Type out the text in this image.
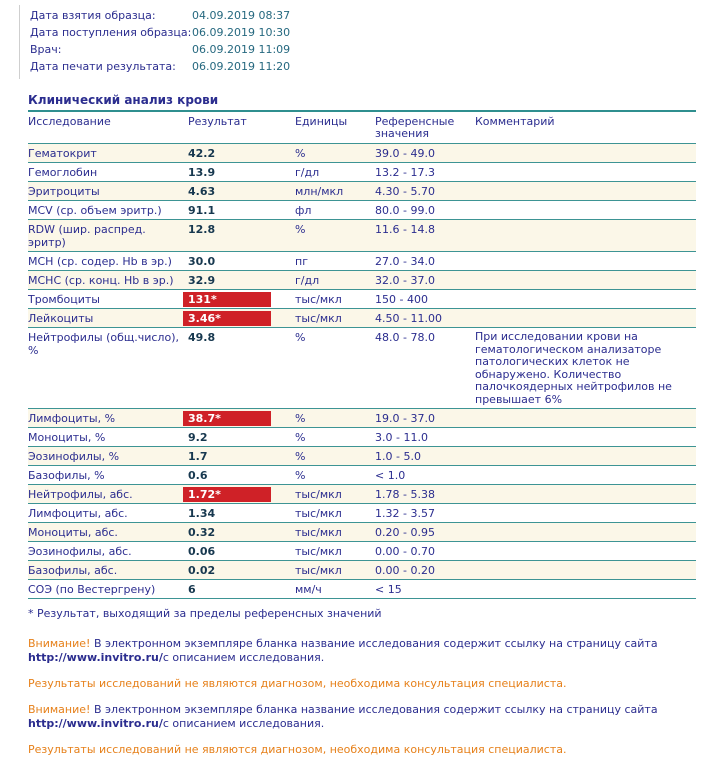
Дата взятия образца:	04.09.2019 08:37
Дата поступления образца: 06.09.2019 10:30
Врач:	06.09.2019 11:09
Дата печати результата:	06.09.2019 11:20
Клинический анализ крови
Исследование	Результат	Единицы	Референсные значения	Комментарий
Гематокрит	42.2	%	39.0 - 49.0	
Гемоглобин	13.9	г/дл	13.2 - 17.3	
Эритроциты	4.63	млн/мкл	4.30 - 5.70	
MCV (ср. объем эритр.)	91.1	фл	80.0 - 99.0	
RDW (шир. распред. эритр)	12.8	%	11.6 - 14.8	
MCH (ср. содер. Hb в эр.)	30.0	пг	27.0 - 34.0	
MCHC (ср. конц. Hb в эр.)	32.9	г/дл	32.0 - 37.0	
Тромбоциты	131*	тыс/мкл	150 - 400	
Лейкоциты	3.46*	тыс/мкл	4.50 - 11.00	
Нейтрофилы (общ.число), %	49.8	%	48.0 - 78.0	При исследовании крови на гематологическом анализаторе патологических клеток не обнаружено. Количество палочкоядерных нейтрофилов не превышает 6%
Лимфоциты, %	38.7*	%	19.0 - 37.0	
Моноциты, %	9.2	%	3.0 - 11.0	
Эозинофилы, %	1.7	%	1.0 - 5.0	
Базофилы, %	0.6	%	< 1.0	
Нейтрофилы, абс.	1.72*	тыс/мкл	1.78 - 5.38	
Лимфоциты, абс.	1.34	тыс/мкл	1.32 - 3.57	
Моноциты, абс.	0.32	тыс/мкл	0.20 - 0.95	
Эозинофилы, абс.	0.06	тыс/мкл	0.00 - 0.70	
Базофилы, абс.	0.02	тыс/мкл	0.00 - 0.20	
СОЭ (по Вестергрену)	6	мм/ч	< 15	
* Результат, выходящий за пределы референсных значений

Внимание! В электронном экземпляре бланка название исследования содержит ссылку на страницу сайта http://www.invitro.ru/с описанием исследования.

Результаты исследований не являются диагнозом, необходима консультация специалиста.

Внимание! В электронном экземпляре бланка название исследования содержит ссылку на страницу сайта http://www.invitro.ru/с описанием исследования.

Результаты исследований не являются диагнозом, необходима консультация специалиста.
